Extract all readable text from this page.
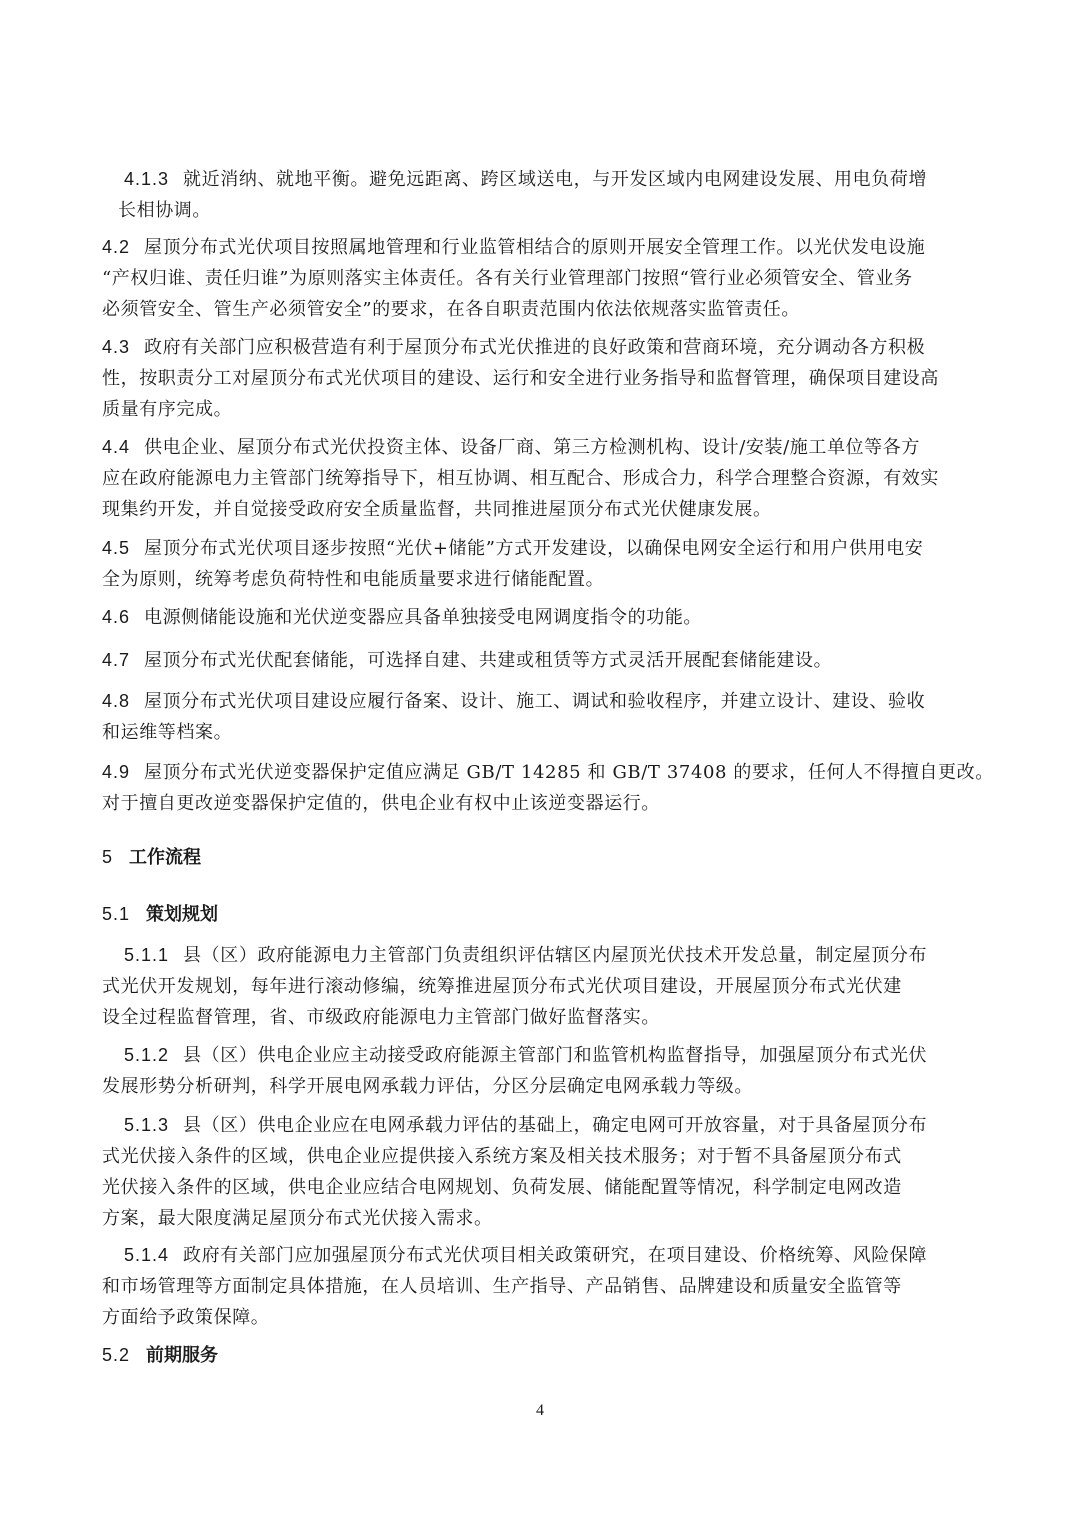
4.1.3 就近消纳、就地平衡。避免远距离、跨区域送电，与开发区域内电网建设发展、用电负荷增
长相协调。
4.2 屋顶分布式光伏项目按照属地管理和行业监管相结合的原则开展安全管理工作。以光伏发电设施
“产权归谁、责任归谁”为原则落实主体责任。各有关行业管理部门按照“管行业必须管安全、管业务
必须管安全、管生产必须管安全”的要求，在各自职责范围内依法依规落实监管责任。
4.3 政府有关部门应积极营造有利于屋顶分布式光伏推进的良好政策和营商环境，充分调动各方积极
性，按职责分工对屋顶分布式光伏项目的建设、运行和安全进行业务指导和监督管理，确保项目建设高
质量有序完成。
4.4 供电企业、屋顶分布式光伏投资主体、设备厂商、第三方检测机构、设计/安装/施工单位等各方
应在政府能源电力主管部门统筹指导下，相互协调、相互配合、形成合力，科学合理整合资源，有效实
现集约开发，并自觉接受政府安全质量监督，共同推进屋顶分布式光伏健康发展。
4.5 屋顶分布式光伏项目逐步按照“光伏+储能”方式开发建设，以确保电网安全运行和用户供用电安
全为原则，统筹考虑负荷特性和电能质量要求进行储能配置。
4.6 电源侧储能设施和光伏逆变器应具备单独接受电网调度指令的功能。
4.7 屋顶分布式光伏配套储能，可选择自建、共建或租赁等方式灵活开展配套储能建设。
4.8 屋顶分布式光伏项目建设应履行备案、设计、施工、调试和验收程序，并建立设计、建设、验收
和运维等档案。
4.9 屋顶分布式光伏逆变器保护定值应满足 GB/T 14285 和 GB/T 37408 的要求，任何人不得擅自更改。
对于擅自更改逆变器保护定值的，供电企业有权中止该逆变器运行。
5 工作流程
5.1 策划规划
5.1.1 县（区）政府能源电力主管部门负责组织评估辖区内屋顶光伏技术开发总量，制定屋顶分布
式光伏开发规划，每年进行滚动修编，统筹推进屋顶分布式光伏项目建设，开展屋顶分布式光伏建
设全过程监督管理，省、市级政府能源电力主管部门做好监督落实。
5.1.2 县（区）供电企业应主动接受政府能源主管部门和监管机构监督指导，加强屋顶分布式光伏
发展形势分析研判，科学开展电网承载力评估，分区分层确定电网承载力等级。
5.1.3 县（区）供电企业应在电网承载力评估的基础上，确定电网可开放容量，对于具备屋顶分布
式光伏接入条件的区域，供电企业应提供接入系统方案及相关技术服务；对于暂不具备屋顶分布式
光伏接入条件的区域，供电企业应结合电网规划、负荷发展、储能配置等情况，科学制定电网改造
方案，最大限度满足屋顶分布式光伏接入需求。
5.1.4 政府有关部门应加强屋顶分布式光伏项目相关政策研究，在项目建设、价格统筹、风险保障
和市场管理等方面制定具体措施，在人员培训、生产指导、产品销售、品牌建设和质量安全监管等
方面给予政策保障。
5.2 前期服务
4
